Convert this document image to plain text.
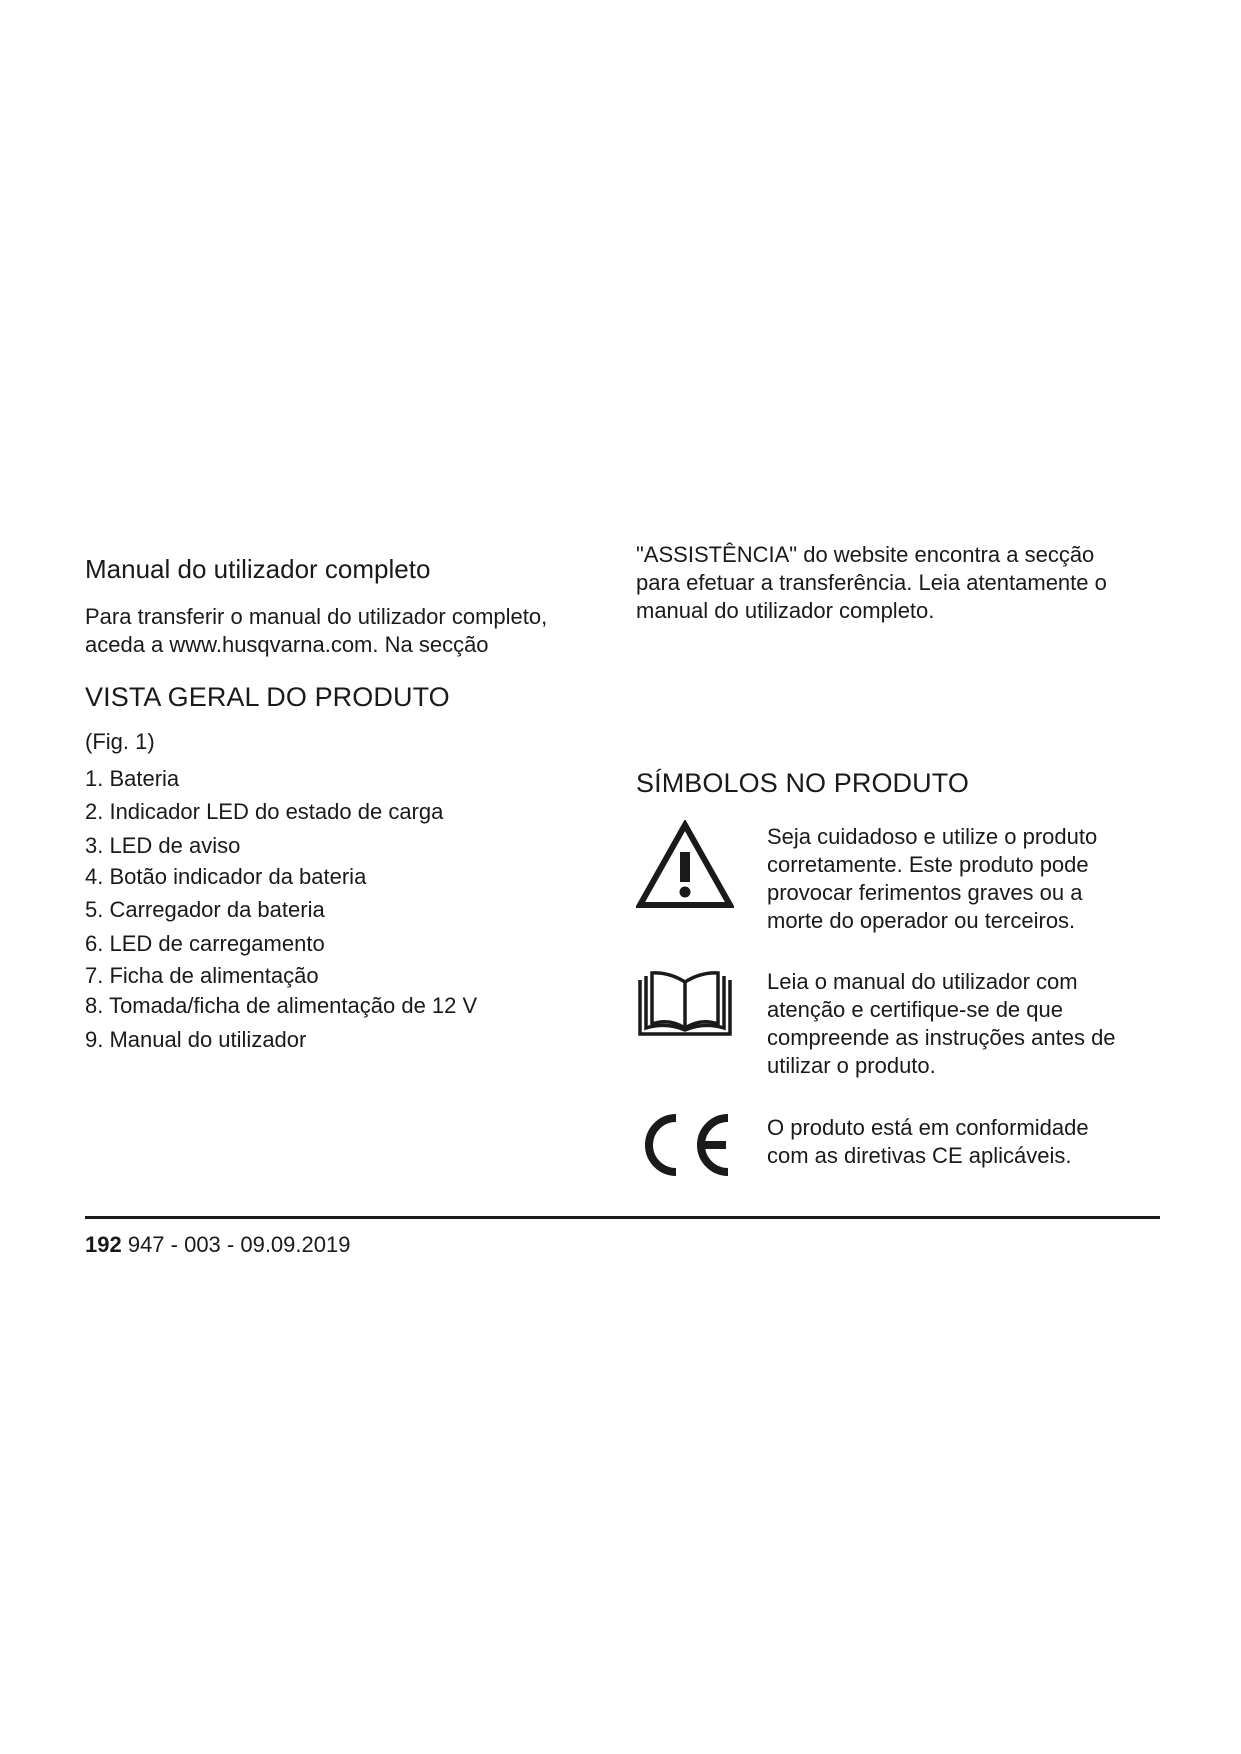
Manual do utilizador completo
Para transferir o manual do utilizador completo,
aceda a www.husqvarna.com. Na secção
VISTA GERAL DO PRODUTO
(Fig. 1)
1. Bateria
2. Indicador LED do estado de carga
3. LED de aviso
4. Botão indicador da bateria
5. Carregador da bateria
6. LED de carregamento
7. Ficha de alimentação
8. Tomada/ficha de alimentação de 12 V
9. Manual do utilizador
"ASSISTÊNCIA" do website encontra a secção
para efetuar a transferência. Leia atentamente o
manual do utilizador completo.
SÍMBOLOS NO PRODUTO
Seja cuidadoso e utilize o produto
corretamente. Este produto pode
provocar ferimentos graves ou a
morte do operador ou terceiros.
Leia o manual do utilizador com
atenção e certifique-se de que
compreende as instruções antes de
utilizar o produto.
O produto está em conformidade
com as diretivas CE aplicáveis.
192 947 - 003 - 09.09.2019
